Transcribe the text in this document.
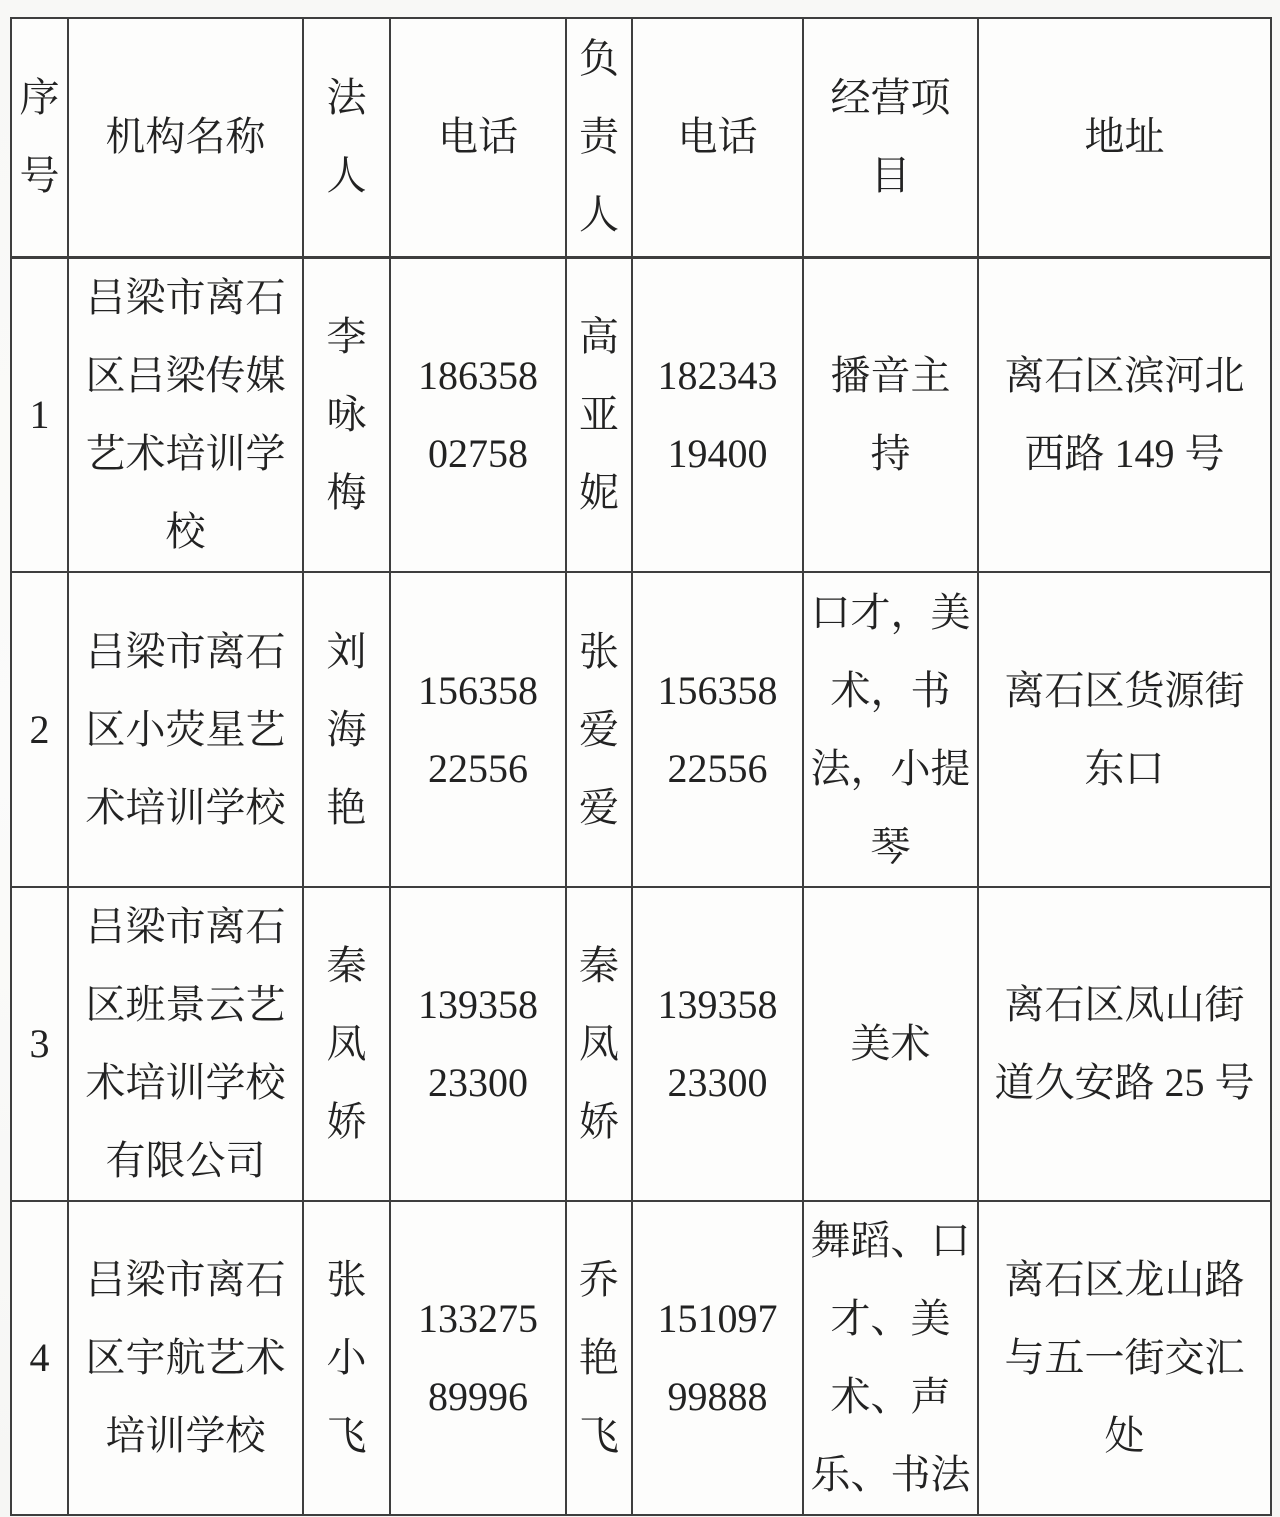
序号	机构名称	法人	电话	负责人	电话	经营项目	地址

1	吕梁市离石区吕梁传媒艺术培训学校	李咏梅	18635802758	高亚妮	18234319400	播音主持	离石区滨河北西路 149 号

2	吕梁市离石区小荧星艺术培训学校	刘海艳	15635822556	张爱爱	15635822556	口才，美术，书法，小提琴	离石区货源街东口

3	吕梁市离石区班景云艺术培训学校有限公司	秦凤娇	13935823300	秦凤娇	13935823300	美术	离石区凤山街道久安路 25 号

4	吕梁市离石区宇航艺术培训学校	张小飞	13327589996	乔艳飞	15109799888	舞蹈、口才、美术、声乐、书法	离石区龙山路与五一街交汇处
